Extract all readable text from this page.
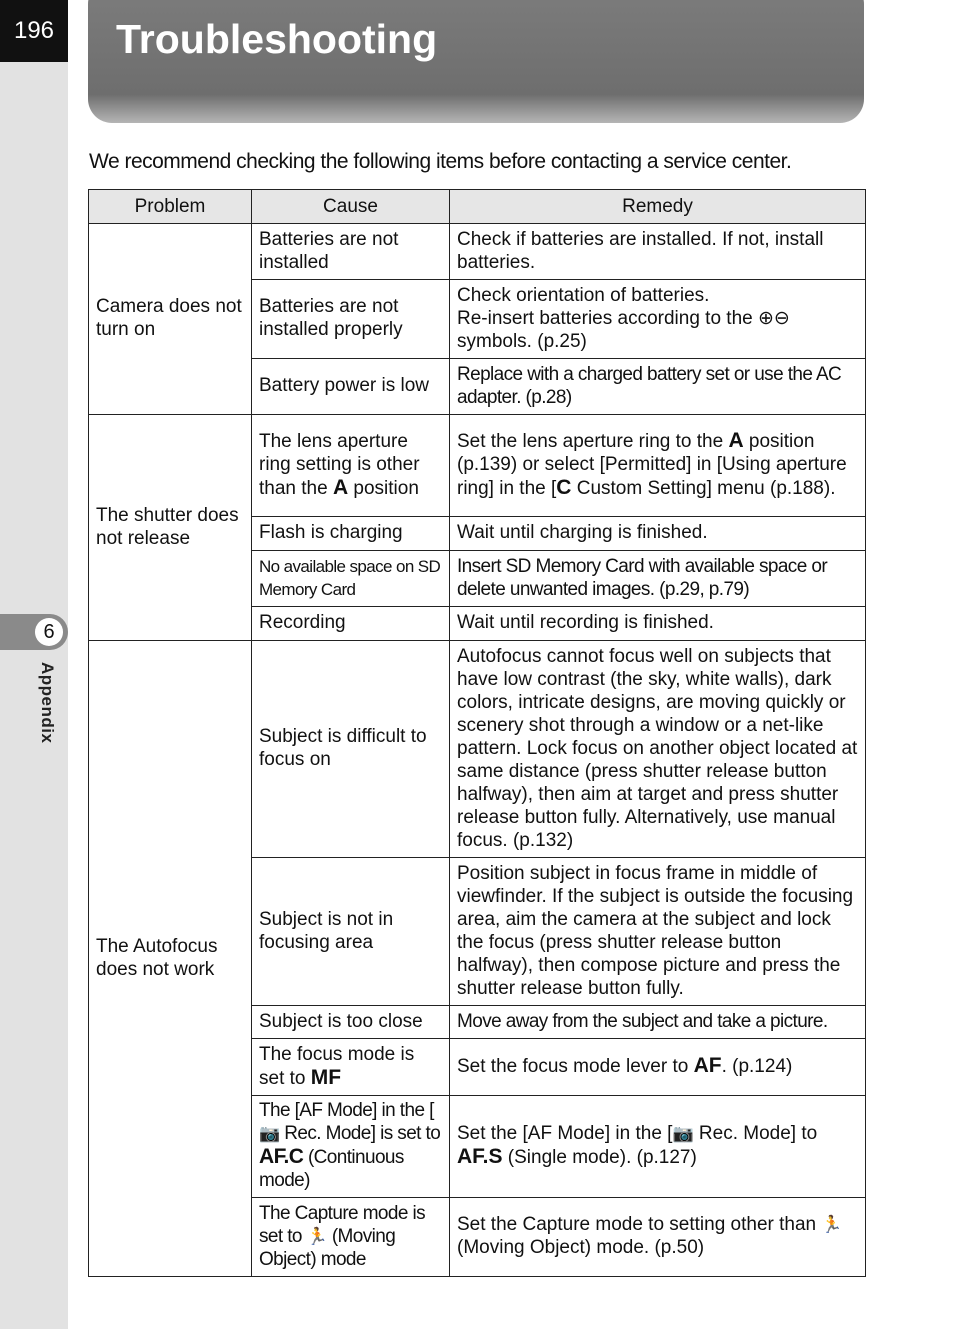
196
6
Appendix
Troubleshooting
We recommend checking the following items before contacting a service center.
Problem	Cause	Remedy
Camera does not turn on	Batteries are not installed	Check if batteries are installed. If not, install batteries.
	Batteries are not installed properly	Check orientation of batteries.
Re-insert batteries according to the ⊕⊖ symbols. (p.25)
	Battery power is low	Replace with a charged battery set or use the AC adapter. (p.28)
The shutter does not release	The lens aperture ring setting is other than the A position	Set the lens aperture ring to the A position (p.139) or select [Permitted] in [Using aperture ring] in the [C Custom Setting] menu (p.188).
	Flash is charging	Wait until charging is finished.
	No available space on SD Memory Card	Insert SD Memory Card with available space or delete unwanted images. (p.29, p.79)
	Recording	Wait until recording is finished.
The Autofocus does not work	Subject is difficult to focus on	Autofocus cannot focus well on subjects that have low contrast (the sky, white walls), dark colors, intricate designs, are moving quickly or scenery shot through a window or a net-like pattern. Lock focus on another object located at same distance (press shutter release button halfway), then aim at target and press shutter release button fully. Alternatively, use manual focus. (p.132)
	Subject is not in focusing area	Position subject in focus frame in middle of viewfinder. If the subject is outside the focusing area, aim the camera at the subject and lock the focus (press shutter release button halfway), then compose picture and press the shutter release button fully.
	Subject is too close	Move away from the subject and take a picture.
	The focus mode is set to MF	Set the focus mode lever to AF. (p.124)
	The [AF Mode] in the [📷 Rec. Mode] is set to AF.C (Continuous mode)	Set the [AF Mode] in the [📷 Rec. Mode] to AF.S (Single mode). (p.127)
	The Capture mode is set to 🏃 (Moving Object) mode	Set the Capture mode to setting other than 🏃 (Moving Object) mode. (p.50)
